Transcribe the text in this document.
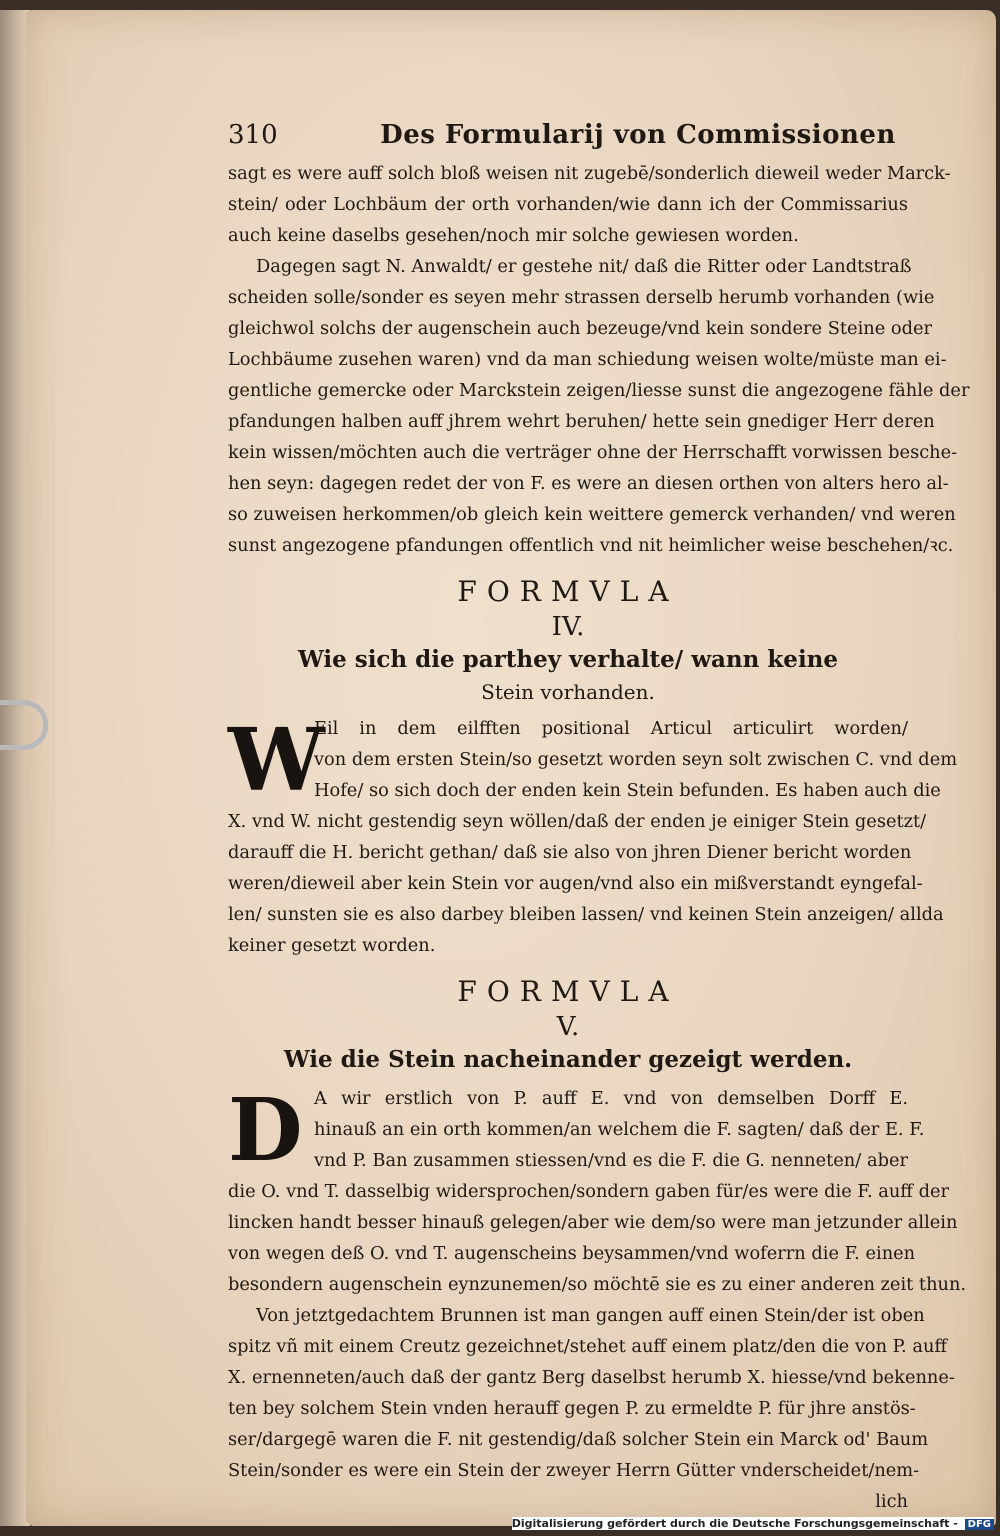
310	Des Formularij von Commissionen
sagt es were auff solch bloß weisen nit zugebē/sonderlich dieweil weder Marck-
stein/ oder Lochbäum der orth vorhanden/wie dann ich der Commissarius
auch keine daselbs gesehen/noch mir solche gewiesen worden.
Dagegen sagt N. Anwaldt/ er gestehe nit/ daß die Ritter oder Landtstraß
scheiden solle/sonder es seyen mehr strassen derselb herumb vorhanden (wie
gleichwol solchs der augenschein auch bezeuge/vnd kein sondere Steine oder
Lochbäume zusehen waren) vnd da man schiedung weisen wolte/müste man ei-
gentliche gemercke oder Marckstein zeigen/liesse sunst die angezogene fähle der
pfandungen halben auff jhrem wehrt beruhen/ hette sein gnediger Herr deren
kein wissen/möchten auch die verträger ohne der Herrschafft vorwissen besche-
hen seyn: dagegen redet der von F. es were an diesen orthen von alters hero al-
so zuweisen herkommen/ob gleich kein weittere gemerck verhanden/ vnd weren
sunst angezogene pfandungen offentlich vnd nit heimlicher weise beschehen/ꝛc.
FORMVLA
IV.
Wie sich die parthey verhalte/ wann keine
Stein vorhanden.
W
Eil in dem eilfften positional Articul articulirt worden/
von dem ersten Stein/so gesetzt worden seyn solt zwischen C. vnd dem
Hofe/ so sich doch der enden kein Stein befunden. Es haben auch die
X. vnd W. nicht gestendig seyn wöllen/daß der enden je einiger Stein gesetzt/
darauff die H. bericht gethan/ daß sie also von jhren Diener bericht worden
weren/dieweil aber kein Stein vor augen/vnd also ein mißverstandt eyngefal-
len/ sunsten sie es also darbey bleiben lassen/ vnd keinen Stein anzeigen/ allda
keiner gesetzt worden.
FORMVLA
V.
Wie die Stein nacheinander gezeigt werden.
D A wir erstlich von P. auff E. vnd von demselben Dorff E.
hinauß an ein orth kommen/an welchem die F. sagten/ daß der E. F.
vnd P. Ban zusammen stiessen/vnd es die F. die G. nenneten/ aber
die O. vnd T. dasselbig widersprochen/sondern gaben für/es were die F. auff der
lincken handt besser hinauß gelegen/aber wie dem/so were man jetzunder allein
von wegen deß O. vnd T. augenscheins beysammen/vnd woferrn die F. einen
besondern augenschein eynzunemen/so möchtē sie es zu einer anderen zeit thun.
Von jetztgedachtem Brunnen ist man gangen auff einen Stein/der ist oben
spitz vñ mit einem Creutz gezeichnet/stehet auff einem platz/den die von P. auff
X. ernenneten/auch daß der gantz Berg daselbst herumb X. hiesse/vnd bekenne-
ten bey solchem Stein vnden herauff gegen P. zu ermeldte P. für jhre anstös-
ser/dargegē waren die F. nit gestendig/daß solcher Stein ein Marck od' Baum
Stein/sonder es were ein Stein der zweyer Herrn Gütter vnderscheidet/nem-
lich
Digitalisierung gefördert durch die Deutsche Forschungsgemeinschaft - DFG
